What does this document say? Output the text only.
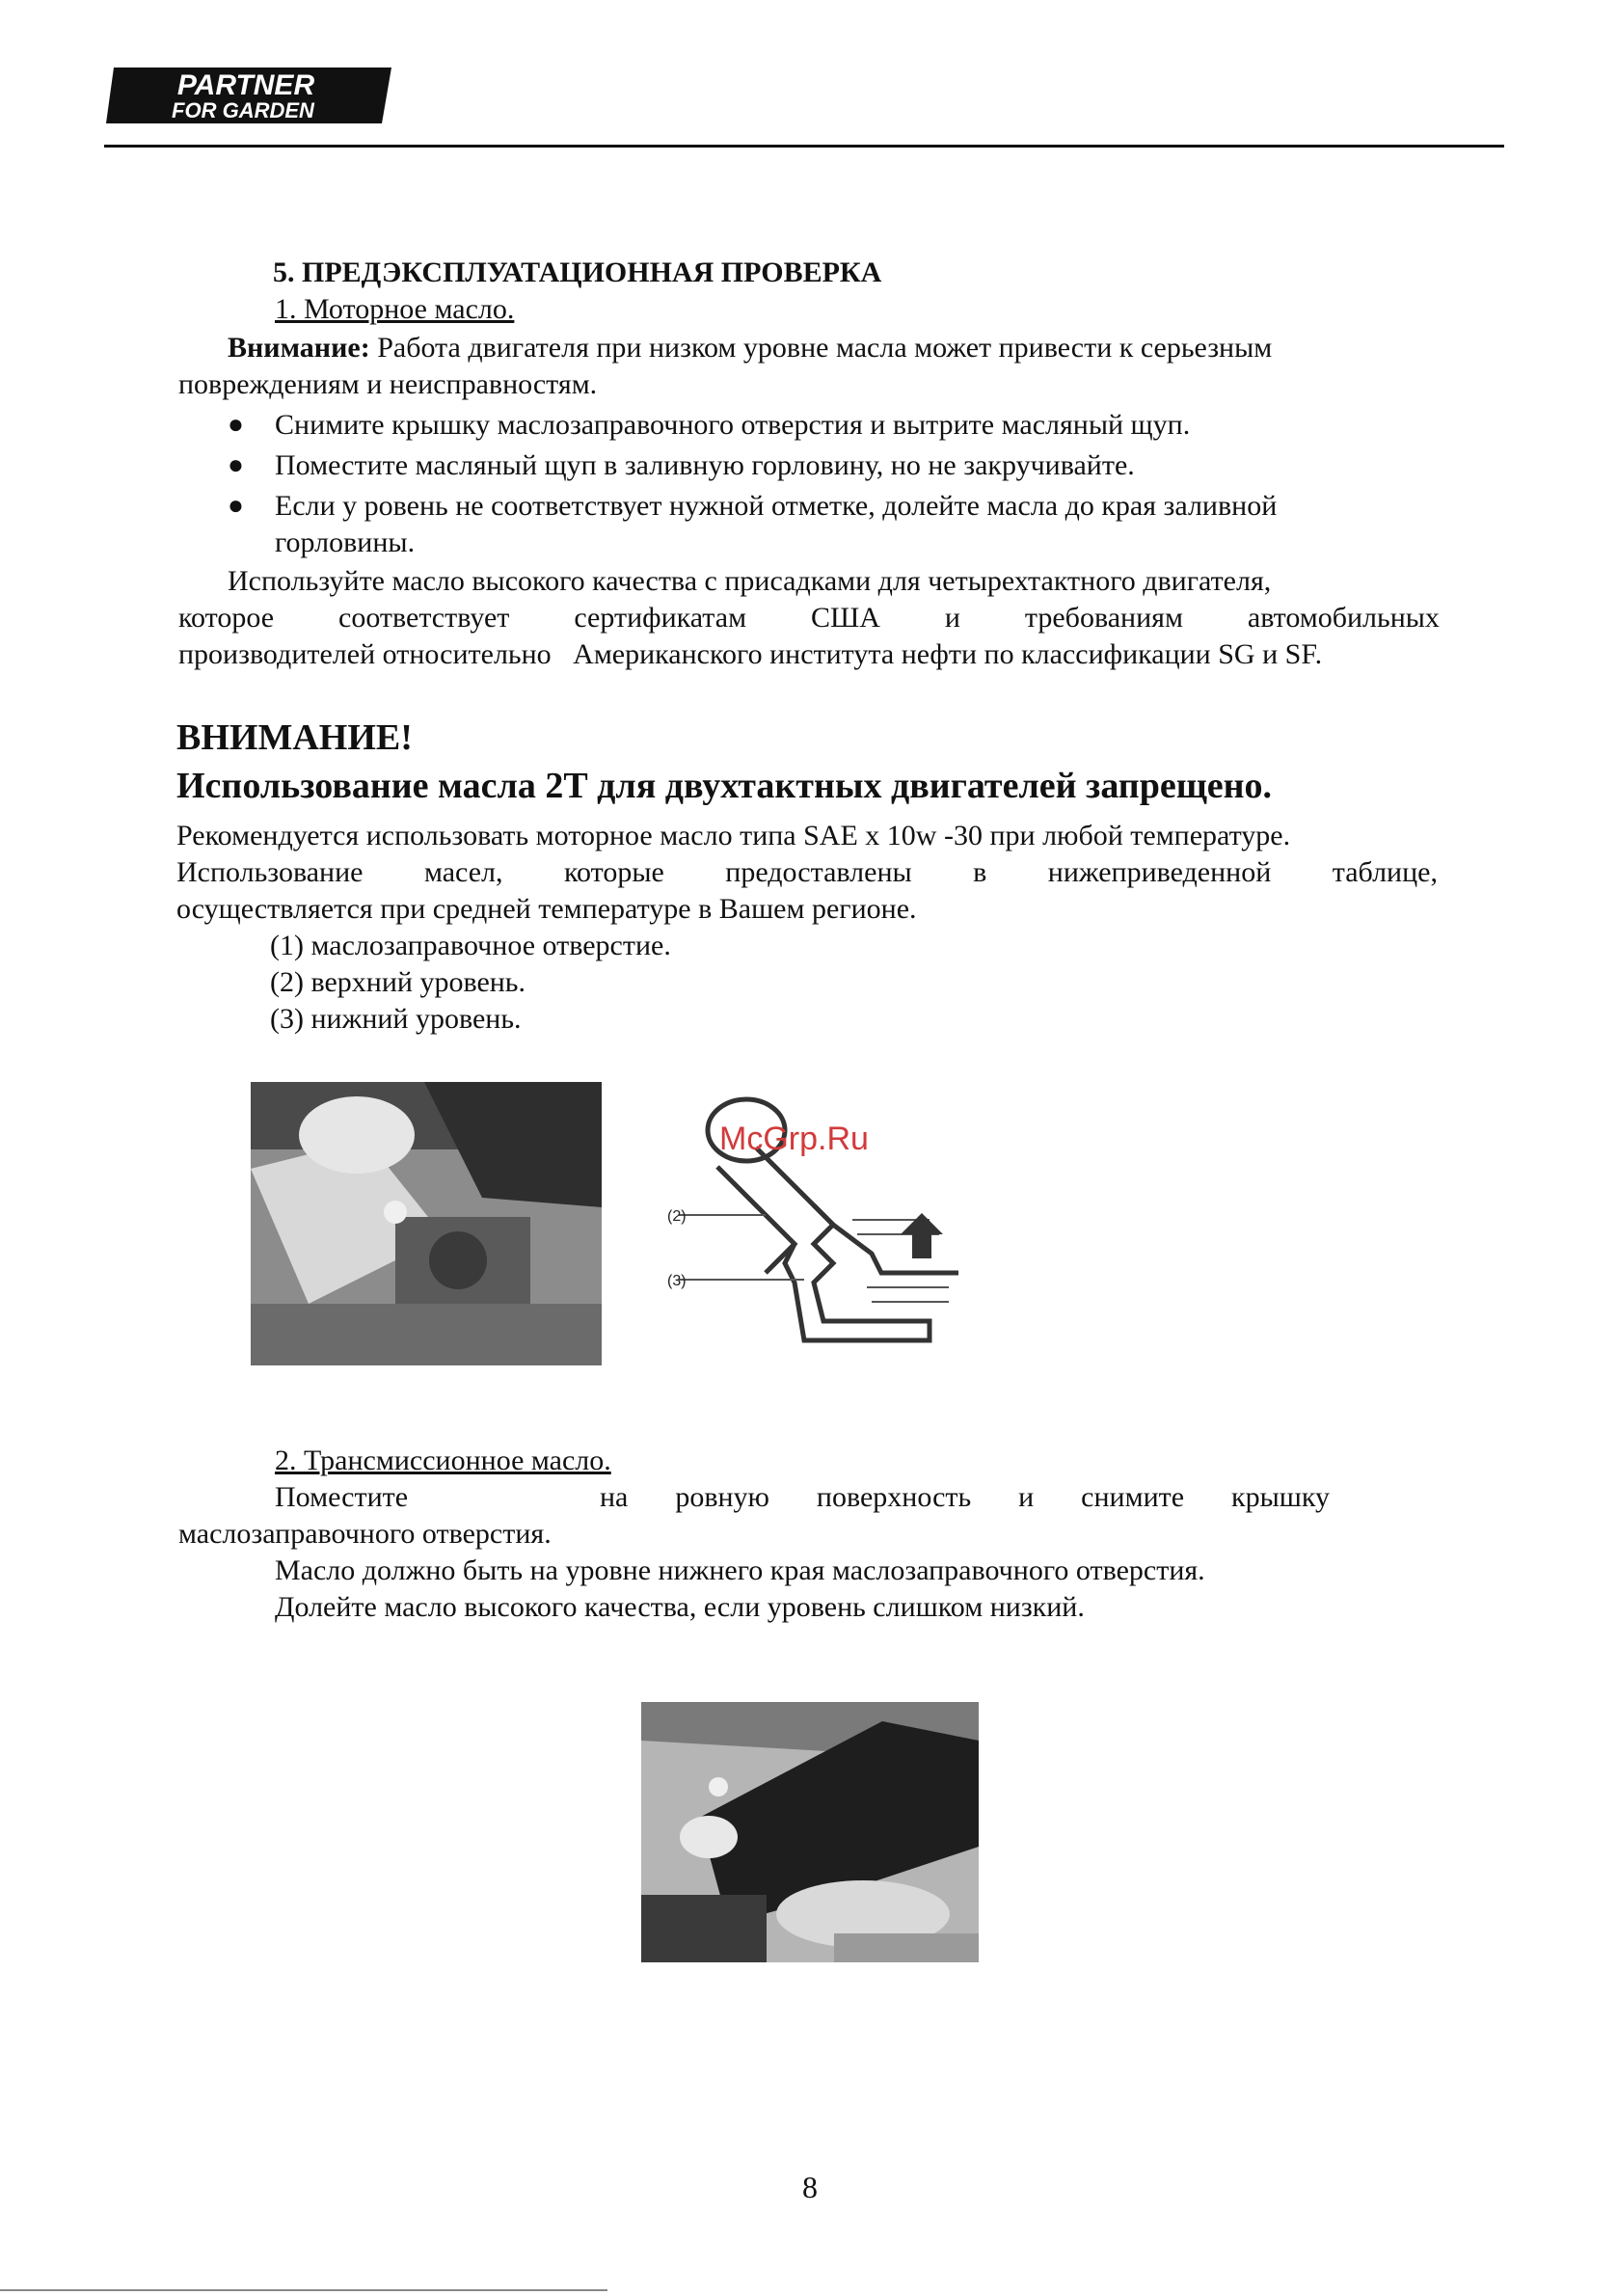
PARTNER
FOR GARDEN
5. ПРЕДЭКСПЛУАТАЦИОННАЯ ПРОВЕРКА
1. Моторное масло.
Внимание: Работа двигателя при низком уровне масла может привести к серьезным
повреждениям и неисправностям.
● Снимите крышку маслозаправочного отверстия и вытрите масляный щуп.
● Поместите масляный щуп в заливную горловину, но не закручивайте.
● Если у ровень не соответствует нужной отметке, долейте масла до края заливной
горловины.
Используйте масло высокого качества с присадками для четырехтактного двигателя,
которое соответствует сертификатам США и требованиям автомобильных
производителей относительно   Американского института нефти по классификации SG и SF.
ВНИМАНИЕ!
Использование масла 2Т для двухтактных двигателей запрещено.
Рекомендуется использовать моторное масло типа SAE х 10w -30 при любой температуре.
Использование масел, которые предоставлены в нижеприведенной таблице,
осуществляется при средней температуре в Вашем регионе.
(1) маслозаправочное отверстие.
(2) верхний уровень.
(3) нижний уровень.
(2)
(3)
McGrp.Ru
2. Трансмиссионное масло.
Поместите	на ровную поверхность и снимите крышку
маслозаправочного отверстия.
Масло должно быть на уровне нижнего края маслозаправочного отверстия.
Долейте масло высокого качества, если уровень слишком низкий.
8
